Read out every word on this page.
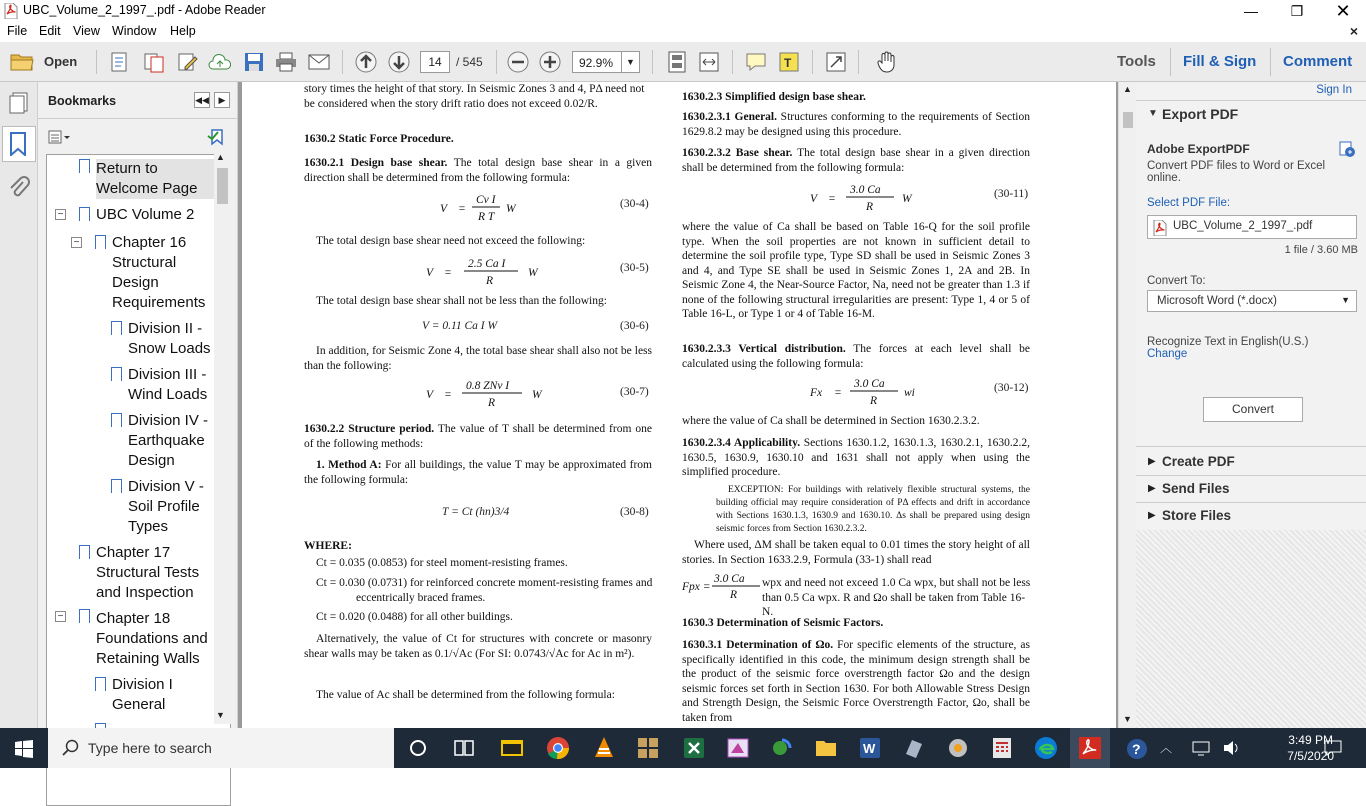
UBC_Volume_2_1997_.pdf - Adobe Reader	—	❐	✕
File Edit View Window Help	×
Open	14	/ 545	92.9%	▼	T	Tools Fill & Sign Comment
Bookmarks	◀◀	▶
Return to Welcome Page
− UBC Volume 2
− Chapter 16 Structural Design Requirements
Division II - Snow Loads
Division III - Wind Loads
Division IV - Earthquake Design
Division V - Soil Profile Types
Chapter 17 Structural Tests and Inspection
− Chapter 18 Foundations and Retaining Walls
Division I General
▲
▼
story times the height of that story. In Seismic Zones 3 and 4, PΔ need not be considered when the story drift ratio does not exceed 0.02/R.
1630.2 Static Force Procedure.
1630.2.1 Design base shear. The total design base shear in a given direction shall be determined from the following formula:
V =
Cv I
R T
W	(30-4)
The total design base shear need not exceed the following:
V =
2.5 Ca I
R
W	(30-5)
The total design base shear shall not be less than the following:
V = 0.11 Ca I W	(30-6)
In addition, for Seismic Zone 4, the total base shear shall also not be less than the following:
V =
0.8 ZNv I
R
W	(30-7)
1630.2.2 Structure period. The value of T shall be determined from one of the following methods:
1. Method A: For all buildings, the value T may be approximated from the following formula:
T = Ct (hn)3/4	(30-8)
WHERE:
Ct = 0.035 (0.0853) for steel moment-resisting frames.
Ct = 0.030 (0.0731) for reinforced concrete moment-resisting frames and eccentrically braced frames.
Ct = 0.020 (0.0488) for all other buildings.
Alternatively, the value of Ct for structures with concrete or masonry shear walls may be taken as 0.1/√Ac (For SI: 0.0743/√Ac for Ac in m²).
The value of Ac shall be determined from the following formula:
1630.2.3 Simplified design base shear.
1630.2.3.1 General. Structures conforming to the requirements of Section 1629.8.2 may be designed using this procedure.
1630.2.3.2 Base shear. The total design base shear in a given direction shall be determined from the following formula:
V =
3.0 Ca
R
W	(30-11)
where the value of Ca shall be based on Table 16-Q for the soil profile type. When the soil properties are not known in sufficient detail to determine the soil profile type, Type SD shall be used in Seismic Zones 3 and 4, and Type SE shall be used in Seismic Zones 1, 2A and 2B. In Seismic Zone 4, the Near-Source Factor, Na, need not be greater than 1.3 if none of the following structural irregularities are present: Type 1, 4 or 5 of Table 16-L, or Type 1 or 4 of Table 16-M.
1630.2.3.3 Vertical distribution. The forces at each level shall be calculated using the following formula:
Fx =
3.0 Ca
R
wi	(30-12)
where the value of Ca shall be determined in Section 1630.2.3.2.
1630.2.3.4 Applicability. Sections 1630.1.2, 1630.1.3, 1630.2.1, 1630.2.2, 1630.5, 1630.9, 1630.10 and 1631 shall not apply when using the simplified procedure.
EXCEPTION: For buildings with relatively flexible structural systems, the building official may require consideration of PΔ effects and drift in accordance with Sections 1630.1.3, 1630.9 and 1630.10. Δs shall be prepared using design seismic forces from Section 1630.2.3.2.
Where used, ΔM shall be taken equal to 0.01 times the story height of all stories. In Section 1633.2.9, Formula (33-1) shall read
Fpx =
3.0 Ca
R
wpx and need not exceed 1.0 Ca wpx, but shall not be less than 0.5 Ca wpx. R and Ωo shall be taken from Table 16-N.
1630.3 Determination of Seismic Factors.
1630.3.1 Determination of Ωo. For specific elements of the structure, as specifically identified in this code, the minimum design strength shall be the product of the seismic force overstrength factor Ωo and the design seismic forces set forth in Section 1630. For both Allowable Stress Design and Strength Design, the Seismic Force Overstrength Factor, Ωo, shall be taken from
▲
▼
Sign In
▼ Export PDF
Adobe ExportPDF
Convert PDF files to Word or Excel online.
Select PDF File:
UBC_Volume_2_1997_.pdf
1 file / 3.60 MB
Convert To:
Microsoft Word (*.docx)	▼
Recognize Text in English(U.S.)
Change
Convert
▶ Create PDF
▶ Send Files
▶ Store Files
Type here to search	W	? ︿
3:49 PM
7/5/2020
